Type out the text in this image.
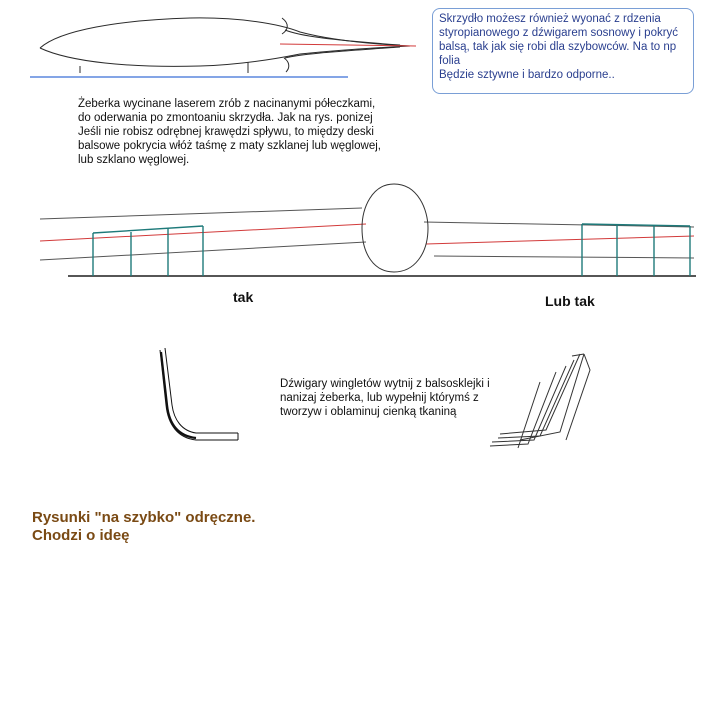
Skrzydło możesz również wyonać z rdzenia
styropianowego z dźwigarem sosnowy i pokryć
balsą, tak jak się robi dla szybowców. Na to np
folia
Będzie sztywne i bardzo odporne..
Żeberka wycinane laserem zrób z nacinanymi półeczkami,
do oderwania po zmontoaniu skrzydła. Jak na rys. ponizej
Jeśli nie robisz odrębnej krawędzi spływu, to między deski
balsowe pokrycia włóż taśmę z maty szklanej lub węglowej,
lub szklano węglowej.
tak	Lub tak
Dźwigary wingletów wytnij z balsosklejki i
nanizaj żeberka, lub wypełnij którymś z
tworzyw i oblaminuj cienką tkaniną
Rysunki "na szybko" odręczne.
Chodzi o ideę
